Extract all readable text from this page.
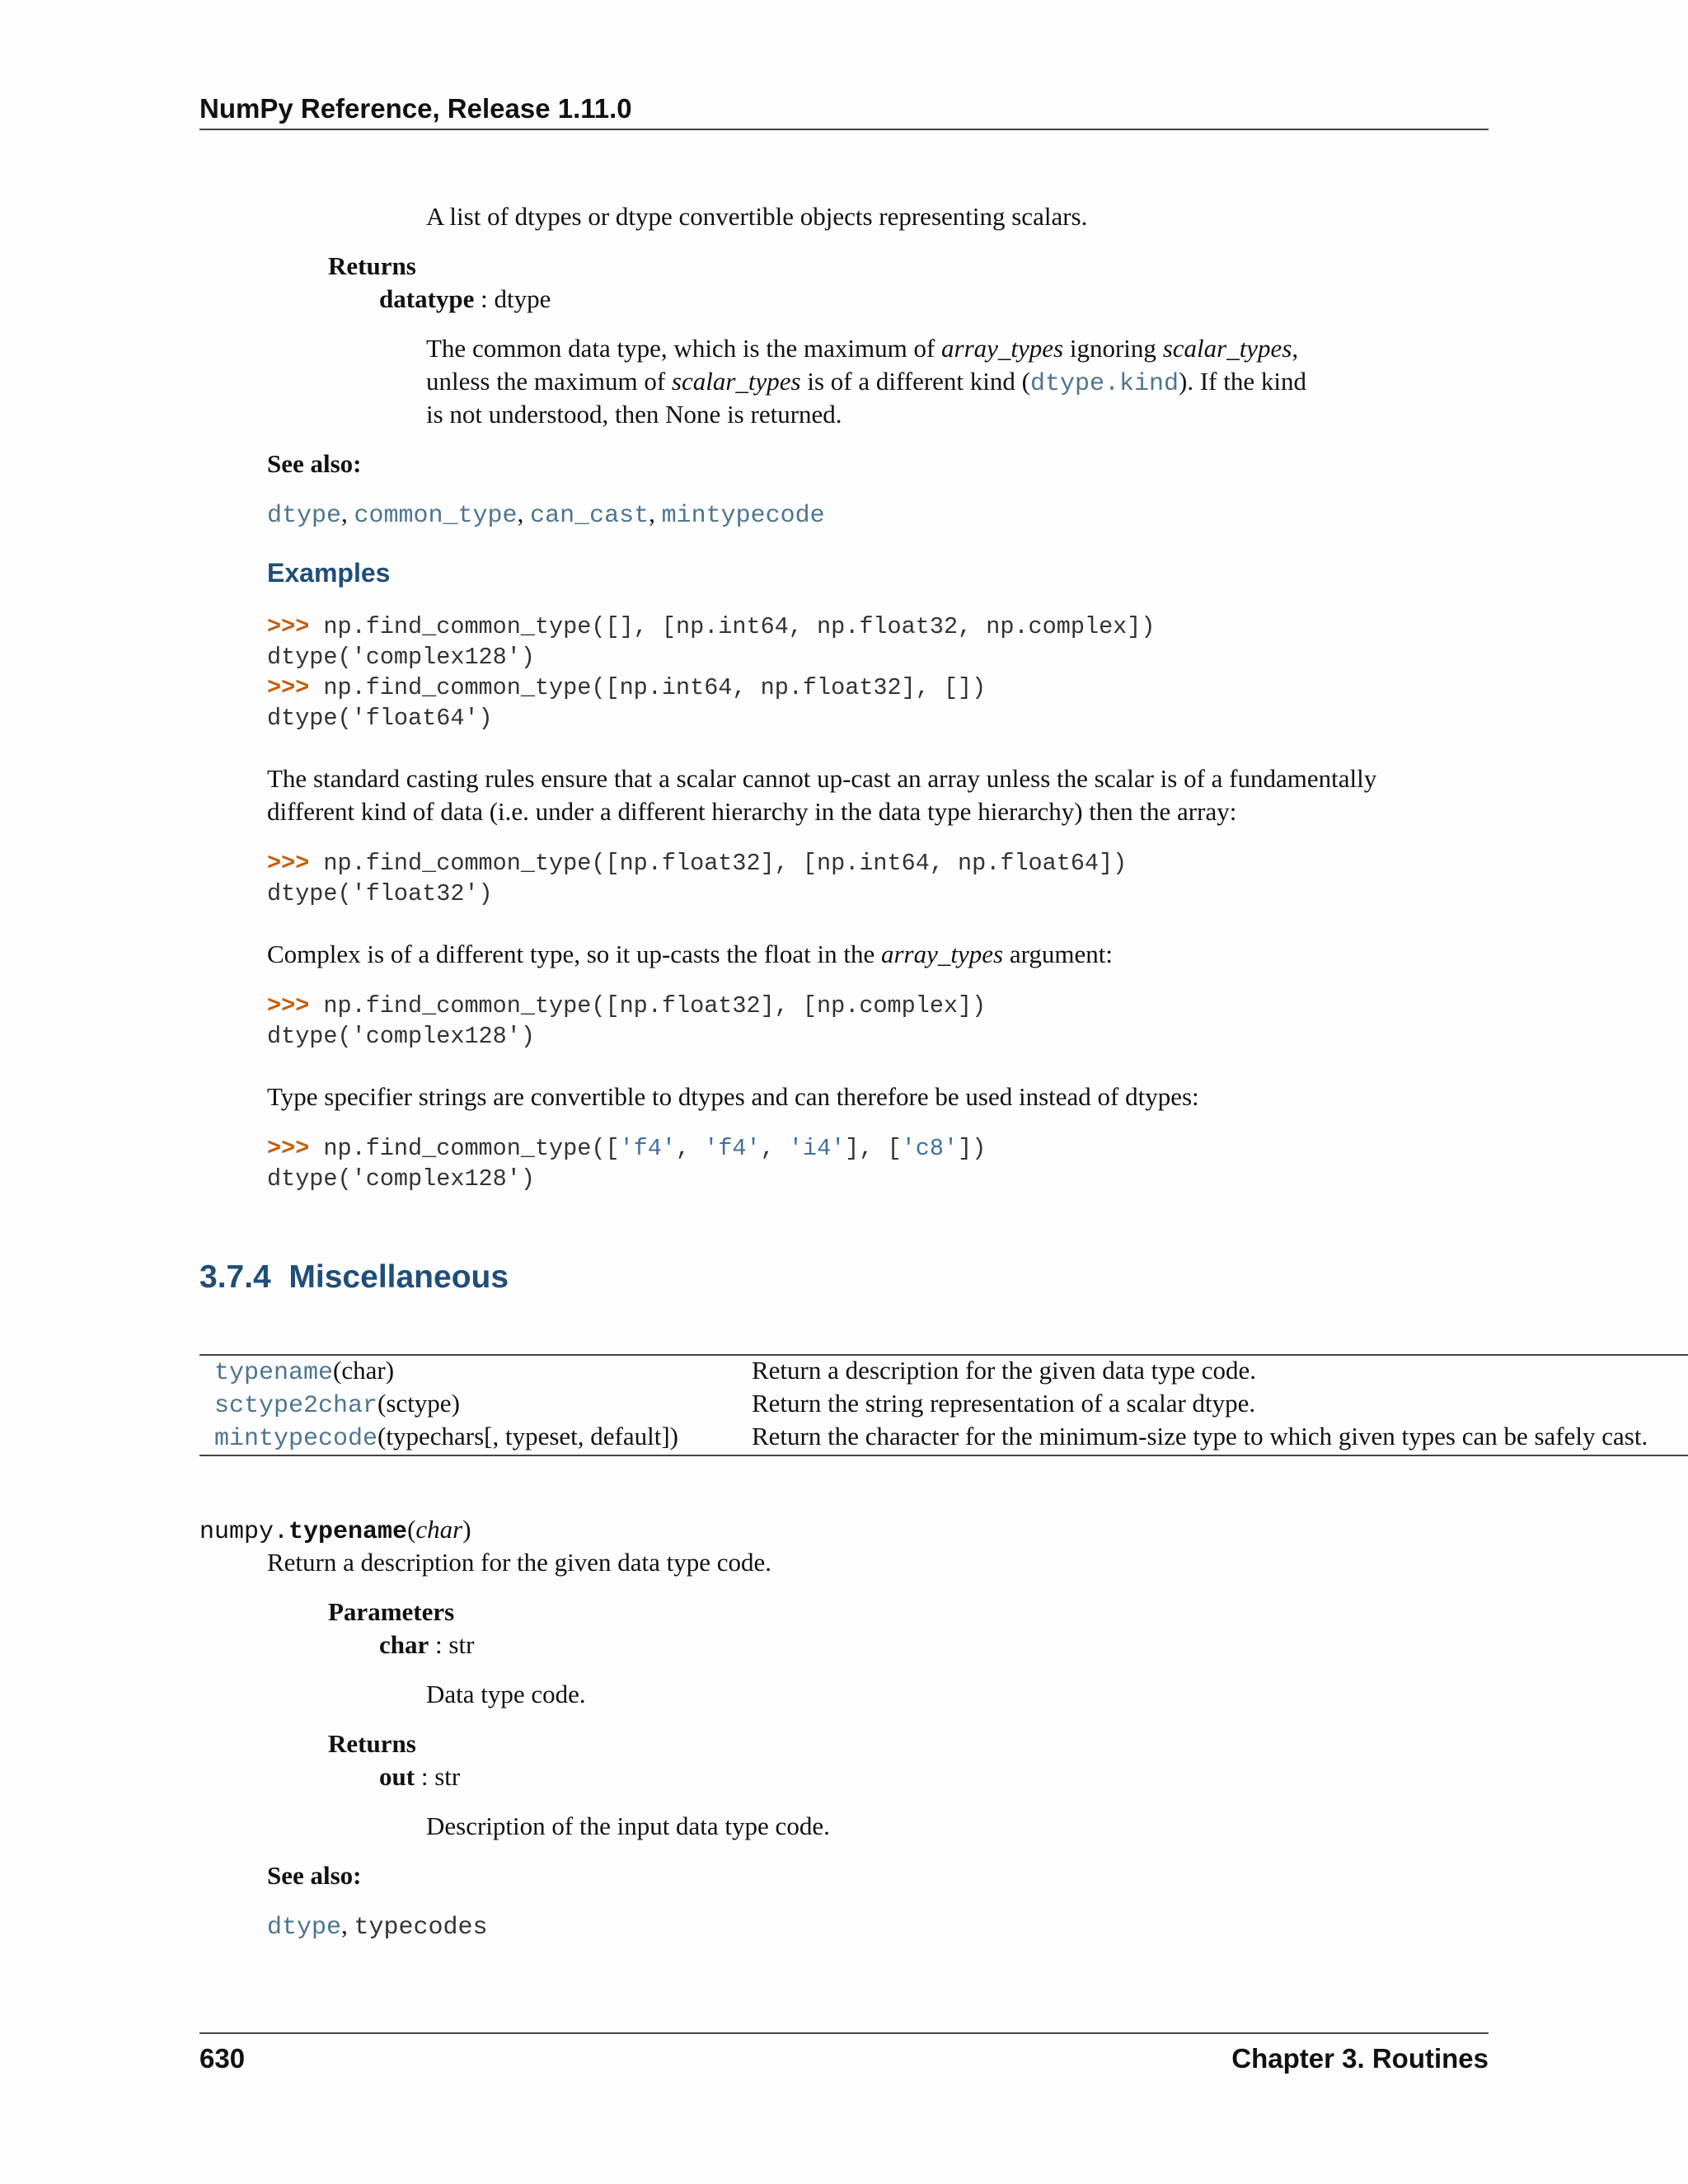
NumPy Reference, Release 1.11.0
A list of dtypes or dtype convertible objects representing scalars.
Returns
datatype : dtype
The common data type, which is the maximum of array_types ignoring scalar_types,
unless the maximum of scalar_types is of a different kind (dtype.kind). If the kind
is not understood, then None is returned.
See also:
dtype, common_type, can_cast, mintypecode
Examples
>>> np.find_common_type([], [np.int64, np.float32, np.complex])
dtype('complex128')
>>> np.find_common_type([np.int64, np.float32], [])
dtype('float64')
The standard casting rules ensure that a scalar cannot up-cast an array unless the scalar is of a fundamentally
different kind of data (i.e. under a different hierarchy in the data type hierarchy) then the array:
>>> np.find_common_type([np.float32], [np.int64, np.float64])
dtype('float32')
Complex is of a different type, so it up-casts the float in the array_types argument:
>>> np.find_common_type([np.float32], [np.complex])
dtype('complex128')
Type specifier strings are convertible to dtypes and can therefore be used instead of dtypes:
>>> np.find_common_type(['f4', 'f4', 'i4'], ['c8'])
dtype('complex128')
3.7.4 Miscellaneous
typename(char)	Return a description for the given data type code.
sctype2char(sctype)	Return the string representation of a scalar dtype.
mintypecode(typechars[, typeset, default])	Return the character for the minimum-size type to which given types can be safely cast.
numpy.typename(char)
Return a description for the given data type code.
Parameters
char : str
Data type code.
Returns
out : str
Description of the input data type code.
See also:
dtype, typecodes
630	Chapter 3. Routines
